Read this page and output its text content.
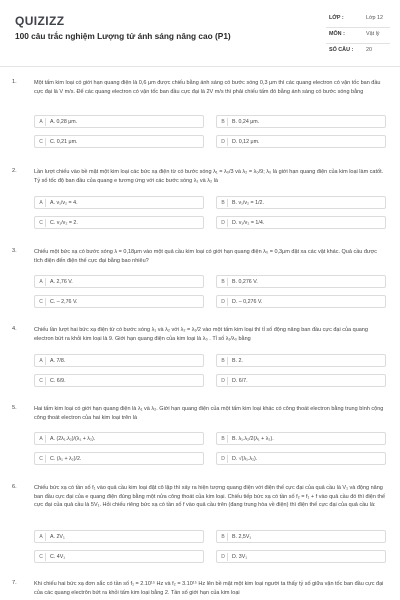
QUIZIZZ
100 câu trắc nghiệm Lượng tử ánh sáng nâng cao (P1)
LỚP :	Lớp 12
MÔN :	Vật lý
SỐ CÂU : 20
1.	Một tấm kim loại có giới hạn quang điện là 0,6 μm được chiếu bằng ánh sáng có bước sóng 0,3 μm thì các quang electron có vận tốc ban đầu cực đại là V m/s. Để các quang electron có vận tốc ban đầu cực đại là 2V m/s thì phải chiếu tấm đó bằng ánh sáng có bước sóng bằng
A	A. 0,28 μm.	B	B. 0,24 μm.
C	C. 0,21 μm.	D	D. 0,12 μm.
2.	Lần lượt chiếu vào bề mặt một kim loại các bức xạ điện từ có bước sóng λ₁ = λ₀/3 và λ₂ = λ₀/9; λ₀ là giới hạn quang điện của kim loại làm catốt. Tỷ số tốc độ ban đầu của quang e tương ứng với các bước sóng λ₁ và λ₂ là
A	A. v₁/v₂ = 4.	B	B. v₁/v₂ = 1/2.
C	C. v₁/v₂ = 2.	D	D. v₁/v₂ = 1/4.
3.	Chiếu một bức xạ có bước sóng λ = 0,18μm vào một quả cầu kim loại có giới hạn quang điện λ₀ = 0,3μm đặt xa các vật khác. Quả cầu được tích điện đến điện thế cực đại bằng bao nhiêu?
A	A. 2,76 V.	B	B. 0,276 V.
C	C. – 2,76 V.	D	D. – 0,276 V.
4.	Chiếu lần lượt hai bức xạ điện từ có bước sóng λ₁ và λ₂ với λ₂ = λ₁/2 vào một tấm kim loại thì tỉ số động năng ban đầu cực đại của quang electron bứt ra khỏi kim loại là 9. Giới hạn quang điện của kim loại là λ₀ . Tỉ số λ₁/λ₀ bằng
A	A. 7/8.	B	B. 2.
C	C. 6/9.	D	D. 6/7.
5.	Hai tấm kim loại có giới hạn quang điện là λ₁ và λ₂. Giới hạn quang điện của một tấm kim loại khác có công thoát electron bằng trung bình cộng công thoát electron của hai kim loại trên là
A	A. (2λ₁.λ₂)/(λ₁ + λ₂).	B	B. λ₁.λ₂/2(λ₁ + λ₂).
C	C. (λ₁ + λ₂)/2.	D	D. √(λ₁.λ₂).
6.	Chiếu bức xạ có tần số f₁ vào quả cầu kim loại đặt cô lập thì xảy ra hiện tượng quang điện với điện thế cực đại của quả cầu là V₁ và động năng ban đầu cực đại của e quang điện đúng bằng một nửa công thoát của kim loại. Chiếu tiếp bức xạ có tần số f₂ = f₁ + f vào quả cầu đó thì điện thế cực đại của quả cầu là 5V₁. Hỏi chiếu riêng bức xạ có tần số f vào quả cầu trên (đang trung hòa về điện) thì điện thế cực đại của quả cầu là:
A	A. 2V₁	B	B. 2,5V₁
C	C. 4V₁	D	D. 3V₁
7.	Khi chiếu hai bức xạ đơn sắc có tần số f₁ = 2.10¹⁵ Hz và f₂ = 3.10¹⁵ Hz lên bề mặt một kim loại người ta thấy tỷ số giữa vận tốc ban đầu cực đại của các quang electrôn bứt ra khỏi tấm kim loại bằng 2. Tần số giới hạn của kim loại
